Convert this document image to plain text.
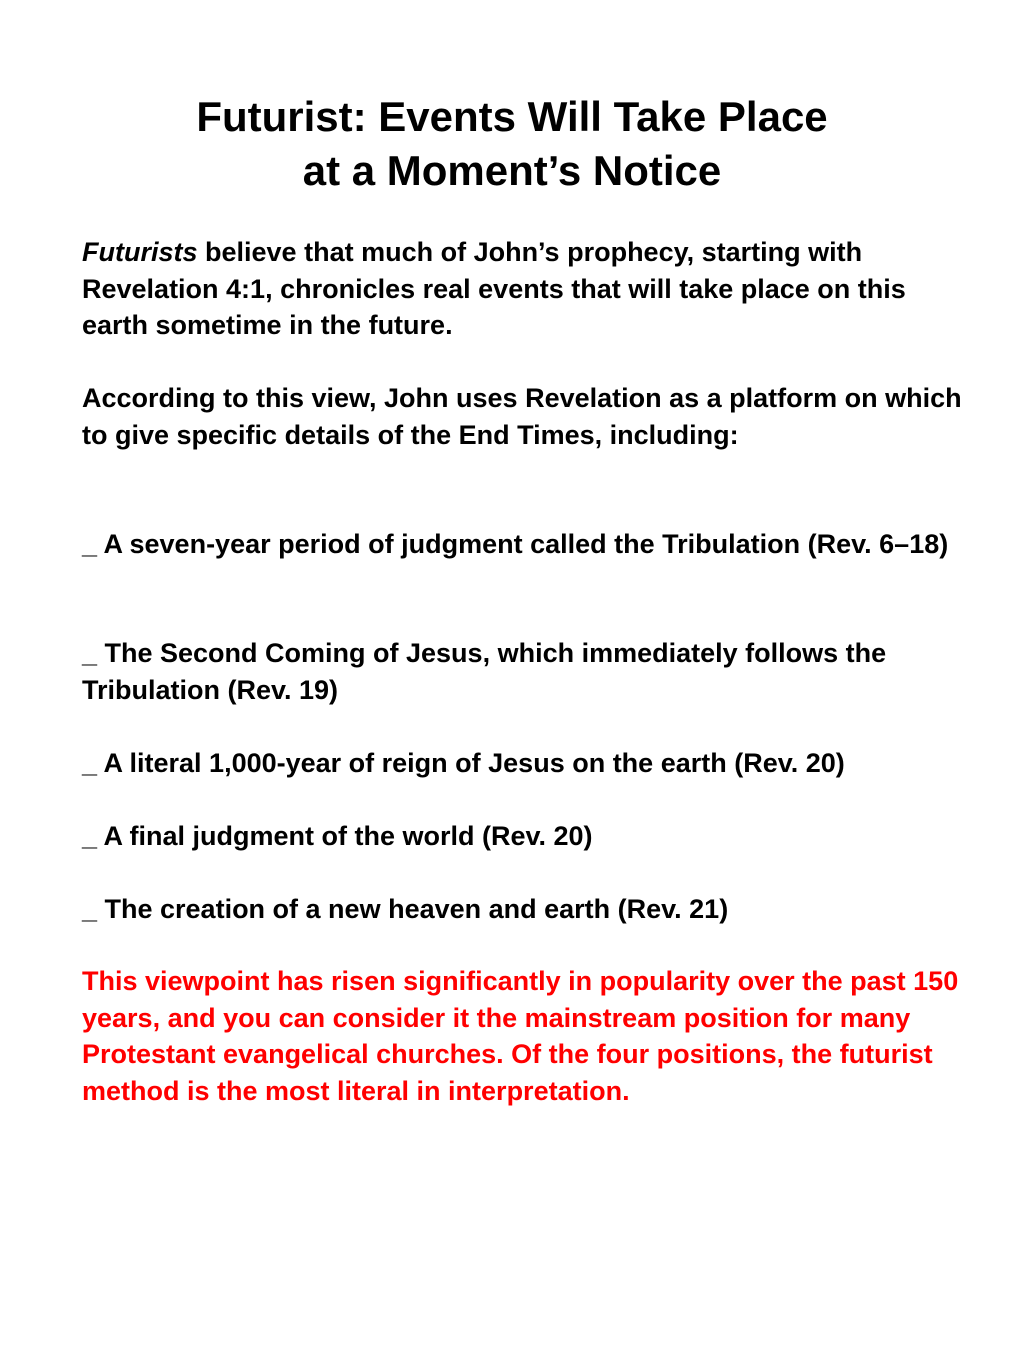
Futurist: Events Will Take Place
at a Moment’s Notice

Futurists believe that much of John’s prophecy, starting with Revelation 4:1, chronicles real events that will take place on this earth sometime in the future.

According to this view, John uses Revelation as a platform on which to give specific details of the End Times, including:

_ A seven-year period of judgment called the Tribulation (Rev. 6–18)

_ The Second Coming of Jesus, which immediately follows the Tribulation (Rev. 19)

_ A literal 1,000-year of reign of Jesus on the earth (Rev. 20)

_ A final judgment of the world (Rev. 20)

_ The creation of a new heaven and earth (Rev. 21)

This viewpoint has risen significantly in popularity over the past 150 years, and you can consider it the mainstream position for many Protestant evangelical churches. Of the four positions, the futurist method is the most literal in interpretation.
